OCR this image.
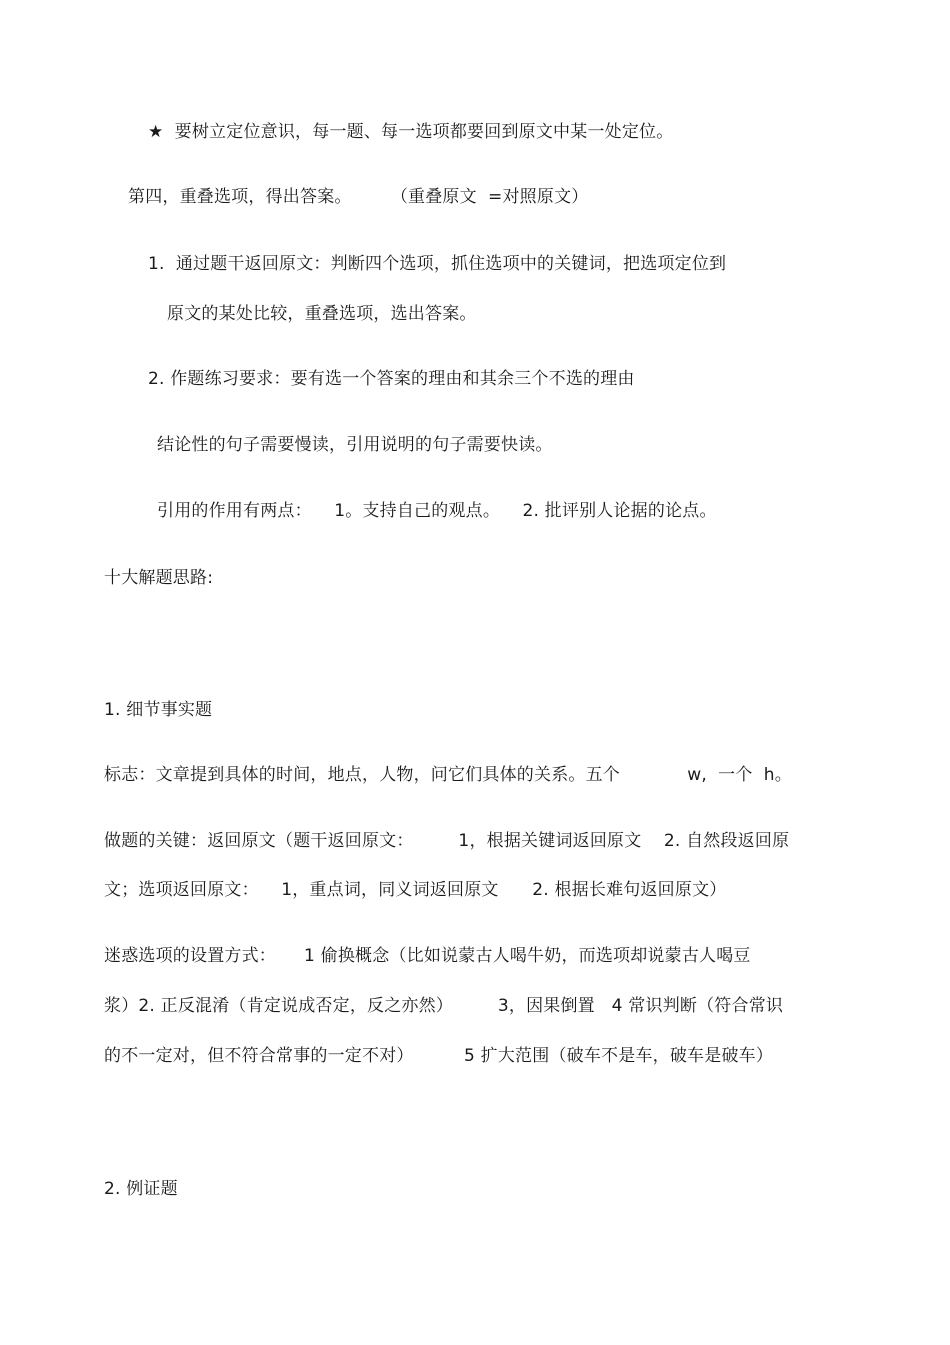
★  要树立定位意识，每一题、每一选项都要回到原文中某一处定位。
第四，重叠选项，得出答案。       （重叠原文  =对照原文）
1.  通过题干返回原文：判断四个选项，抓住选项中的关键词，把选项定位到
原文的某处比较，重叠选项，选出答案。
2. 作题练习要求：要有选一个答案的理由和其余三个不选的理由
结论性的句子需要慢读，引用说明的句子需要快读。
引用的作用有两点：    1。支持自己的观点。    2. 批评别人论据的论点。
十大解题思路:
1. 细节事实题
标志：文章提到具体的时间，地点，人物，问它们具体的关系。五个            w,  一个  h。
做题的关键：返回原文（题干返回原文：        1，根据关键词返回原文    2. 自然段返回原
文；选项返回原文：    1，重点词，同义词返回原文      2. 根据长难句返回原文）
迷惑选项的设置方式：     1 偷换概念（比如说蒙古人喝牛奶，而选项却说蒙古人喝豆
浆）2. 正反混淆（肯定说成否定，反之亦然）        3，因果倒置   4 常识判断（符合常识
的不一定对，但不符合常事的一定不对）         5 扩大范围（破车不是车，破车是破车）
2. 例证题
